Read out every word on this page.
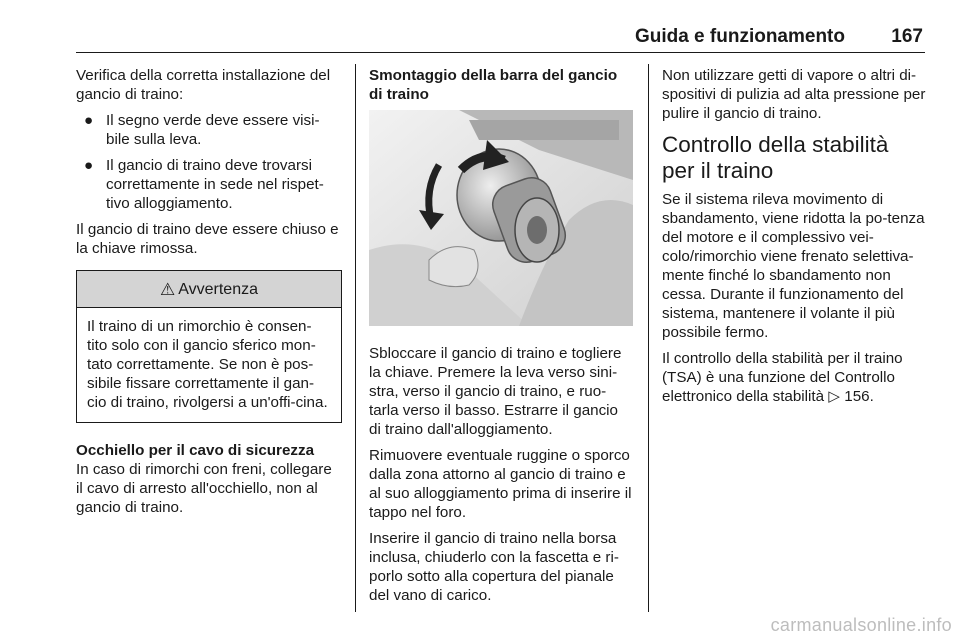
Guida e funzionamento 167

Verifica della corretta installazione del gancio di traino:

● Il segno verde deve essere visi-bile sulla leva.
● Il gancio di traino deve trovarsi correttamente in sede nel rispet-tivo alloggiamento.

Il gancio di traino deve essere chiuso e la chiave rimossa.

⚠ Avvertenza

Il traino di un rimorchio è consen-tito solo con il gancio sferico mon-tato correttamente. Se non è pos-sibile fissare correttamente il gan-cio di traino, rivolgersi a un'offi-cina.

Occhiello per il cavo di sicurezza

In caso di rimorchi con freni, collegare il cavo di arresto all'occhiello, non al gancio di traino.

Smontaggio della barra del gancio di traino

Sbloccare il gancio di traino e togliere la chiave. Premere la leva verso sini-stra, verso il gancio di traino, e ruo-tarla verso il basso. Estrarre il gancio di traino dall'alloggiamento.

Rimuovere eventuale ruggine o sporco dalla zona attorno al gancio di traino e al suo alloggiamento prima di inserire il tappo nel foro.

Inserire il gancio di traino nella borsa inclusa, chiuderlo con la fascetta e ri-porlo sotto alla copertura del pianale del vano di carico.

Non utilizzare getti di vapore o altri di-spositivi di pulizia ad alta pressione per pulire il gancio di traino.

Controllo della stabilità per il traino

Se il sistema rileva movimento di sbandamento, viene ridotta la po-tenza del motore e il complessivo vei-colo/rimorchio viene frenato selettiva-mente finché lo sbandamento non cessa. Durante il funzionamento del sistema, mantenere il volante il più possibile fermo.

Il controllo della stabilità per il traino (TSA) è una funzione del Controllo elettronico della stabilità ▷ 156.

carmanualsonline.info
